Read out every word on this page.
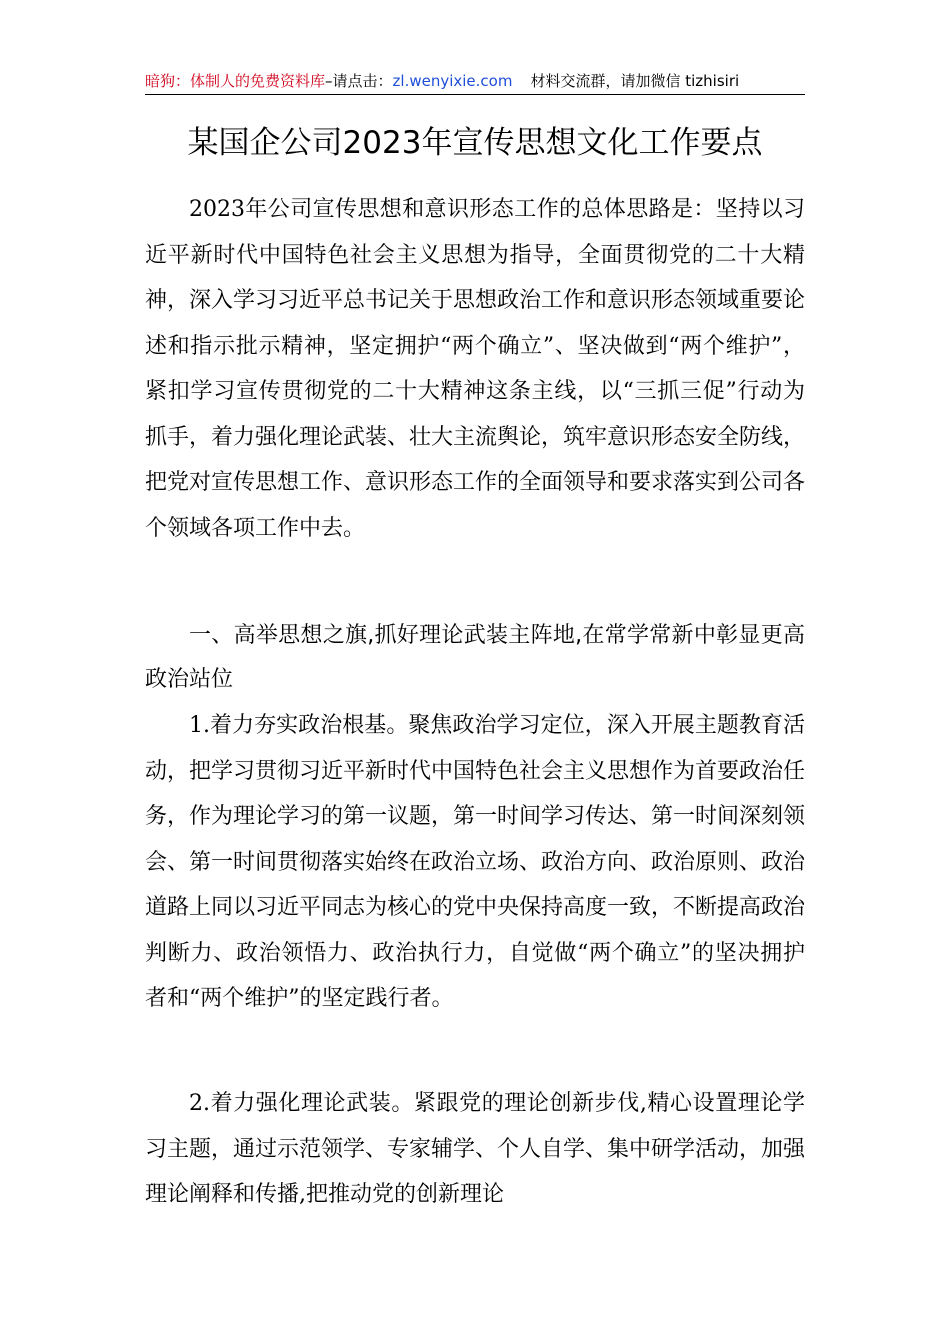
暗狗：体制人的免费资料库–请点击：zl.wenyixie.com 材料交流群，请加微信 tizhisiri
某国企公司2023年宣传思想文化工作要点

2023年公司宣传思想和意识形态工作的总体思路是：坚持以习近平新时代中国特色社会主义思想为指导，全面贯彻党的二十大精神，深入学习习近平总书记关于思想政治工作和意识形态领域重要论述和指示批示精神，坚定拥护“两个确立”、坚决做到“两个维护”，紧扣学习宣传贯彻党的二十大精神这条主线，以“三抓三促”行动为抓手，着力强化理论武装、壮大主流舆论，筑牢意识形态安全防线，把党对宣传思想工作、意识形态工作的全面领导和要求落实到公司各个领域各项工作中去。

一、高举思想之旗,抓好理论武装主阵地,在常学常新中彰显更高政治站位

1.着力夯实政治根基。聚焦政治学习定位，深入开展主题教育活动，把学习贯彻习近平新时代中国特色社会主义思想作为首要政治任务，作为理论学习的第一议题，第一时间学习传达、第一时间深刻领会、第一时间贯彻落实始终在政治立场、政治方向、政治原则、政治道路上同以习近平同志为核心的党中央保持高度一致，不断提高政治判断力、政治领悟力、政治执行力，自觉做“两个确立”的坚决拥护者和“两个维护”的坚定践行者。

2.着力强化理论武装。紧跟党的理论创新步伐,精心设置理论学习主题，通过示范领学、专家辅学、个人自学、集中研学活动，加强理论阐释和传播,把推动党的创新理论
